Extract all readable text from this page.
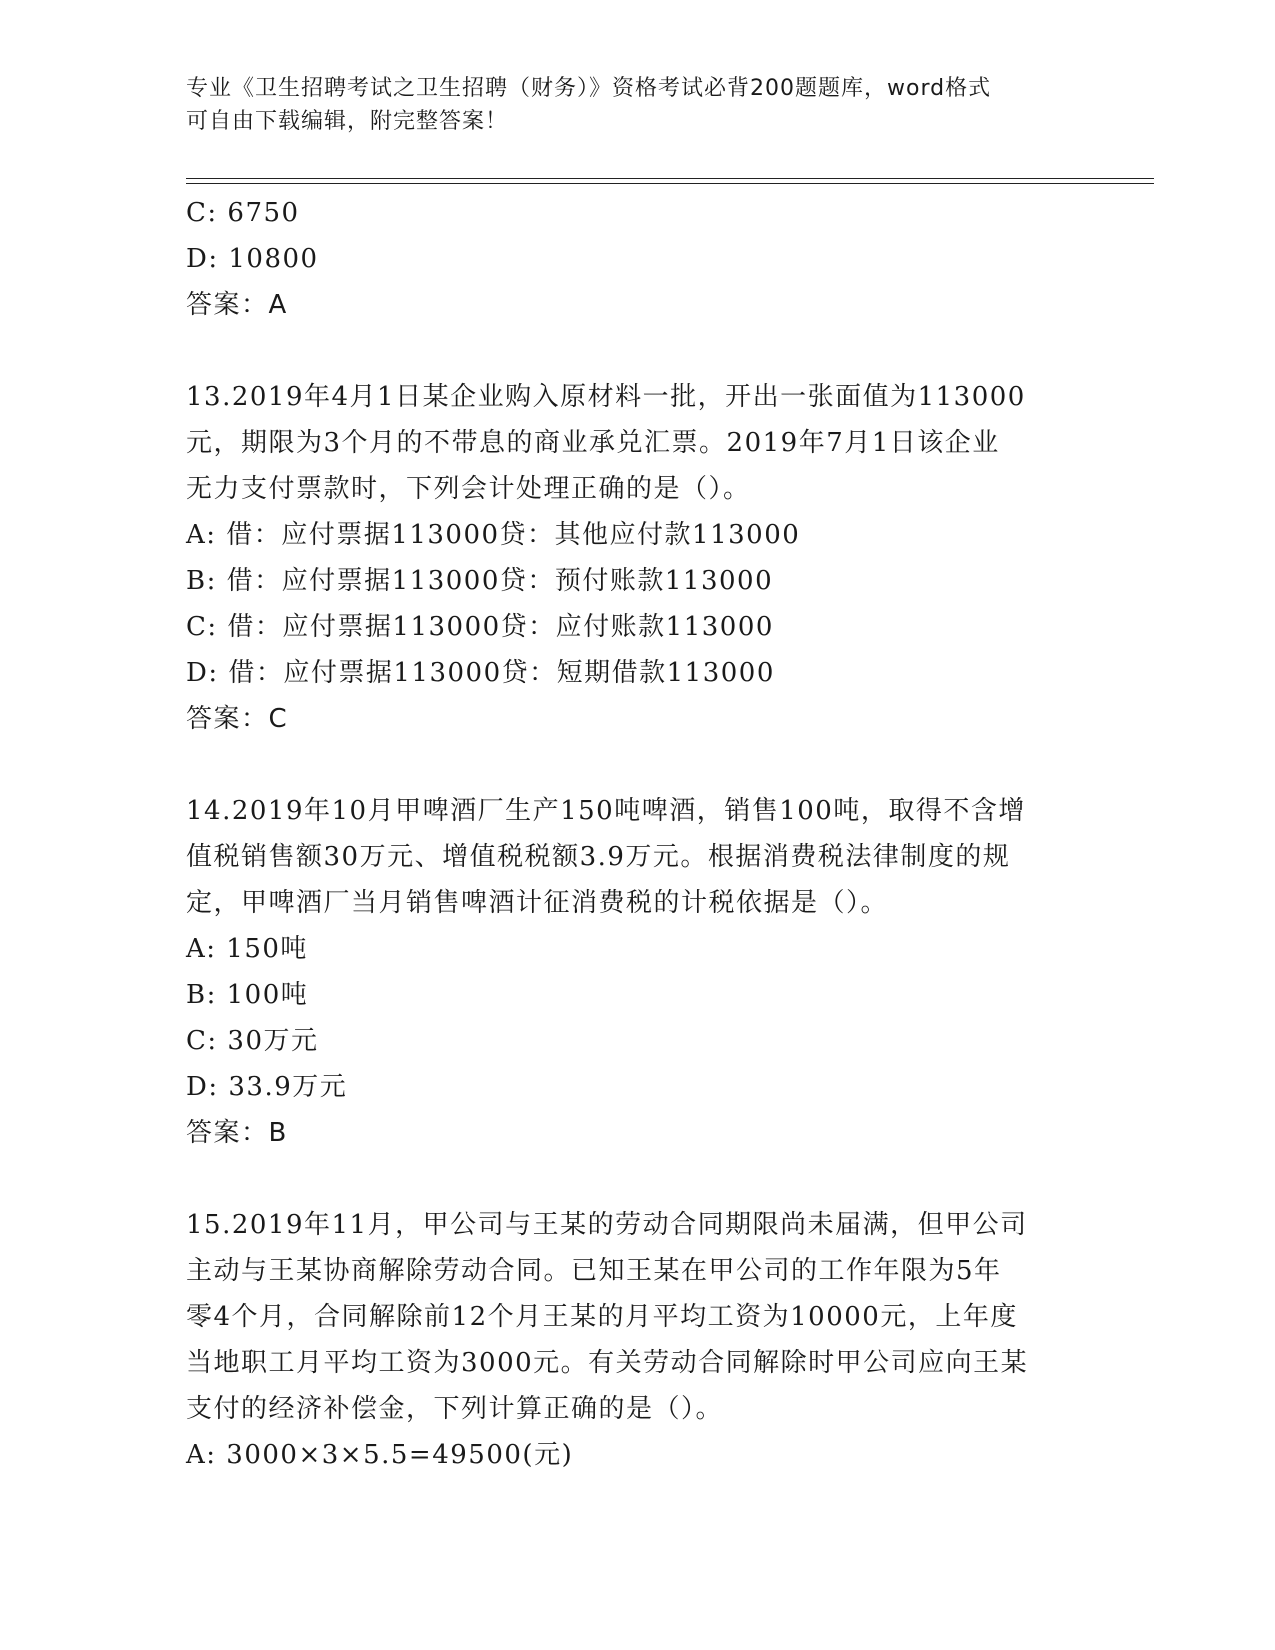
专业《卫生招聘考试之卫生招聘（财务）》资格考试必背200题题库，word格式
可自由下载编辑，附完整答案！
C: 6750
D: 10800
答案：A
13.2019年4月1日某企业购入原材料一批，开出一张面值为113000
元，期限为3个月的不带息的商业承兑汇票。2019年7月1日该企业
无力支付票款时，下列会计处理正确的是（）。
A: 借：应付票据113000贷：其他应付款113000
B: 借：应付票据113000贷：预付账款113000
C: 借：应付票据113000贷：应付账款113000
D: 借：应付票据113000贷：短期借款113000
答案：C
14.2019年10月甲啤酒厂生产150吨啤酒，销售100吨，取得不含增
值税销售额30万元、增值税税额3.9万元。根据消费税法律制度的规
定，甲啤酒厂当月销售啤酒计征消费税的计税依据是（）。
A: 150吨
B: 100吨
C: 30万元
D: 33.9万元
答案：B
15.2019年11月，甲公司与王某的劳动合同期限尚未届满，但甲公司
主动与王某协商解除劳动合同。已知王某在甲公司的工作年限为5年
零4个月，合同解除前12个月王某的月平均工资为10000元，上年度
当地职工月平均工资为3000元。有关劳动合同解除时甲公司应向王某
支付的经济补偿金，下列计算正确的是（）。
A: 3000×3×5.5=49500(元)
